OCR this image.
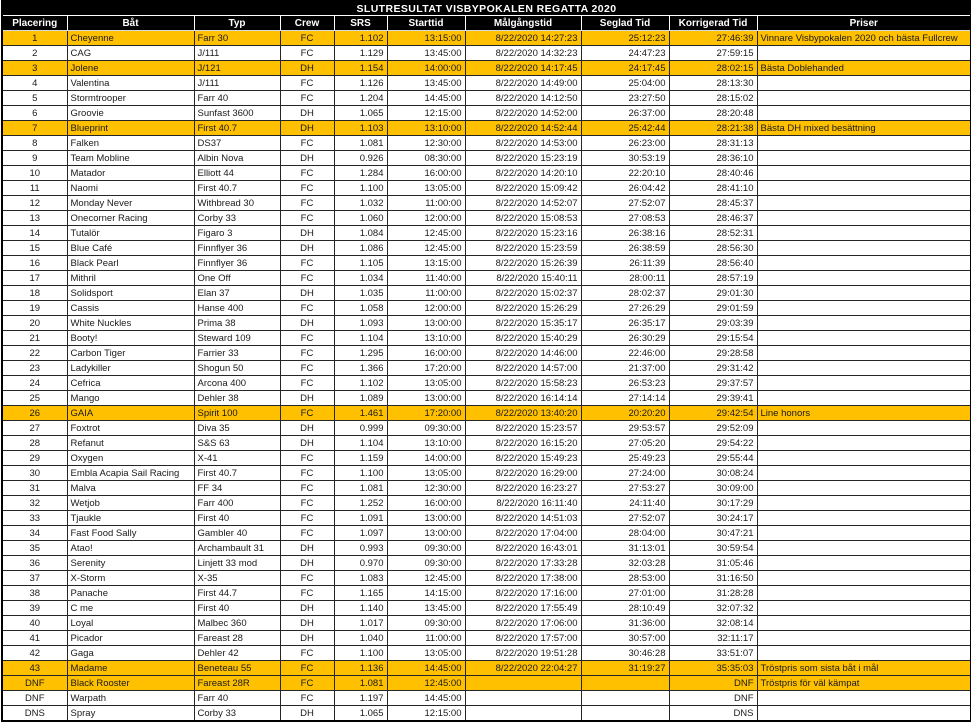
SLUTRESULTAT VISBYPOKALEN REGATTA 2020									
Placering	Båt	Typ	Crew	SRS	Starttid	Målgångstid	Seglad Tid	Korrigerad Tid	Priser
1	Cheyenne	Farr 30	FC	1.102	13:15:00	8/22/2020 14:27:23	25:12:23	27:46:39	Vinnare Visbypokalen 2020 och bästa Fullcrew
2	CAG	J/111	FC	1.129	13:45:00	8/22/2020 14:32:23	24:47:23	27:59:15	
3	Jolene	J/121	DH	1.154	14:00:00	8/22/2020 14:17:45	24:17:45	28:02:15	Bästa Doblehanded
4	Valentina	J/111	FC	1.126	13:45:00	8/22/2020 14:49:00	25:04:00	28:13:30	
5	Stormtrooper	Farr 40	FC	1.204	14:45:00	8/22/2020 14:12:50	23:27:50	28:15:02	
6	Groovie	Sunfast 3600	DH	1.065	12:15:00	8/22/2020 14:52:00	26:37:00	28:20:48	
7	Blueprint	First 40.7	DH	1.103	13:10:00	8/22/2020 14:52:44	25:42:44	28:21:38	Bästa DH mixed besättning
8	Falken	DS37	FC	1.081	12:30:00	8/22/2020 14:53:00	26:23:00	28:31:13	
9	Team Mobline	Albin Nova	DH	0.926	08:30:00	8/22/2020 15:23:19	30:53:19	28:36:10	
10	Matador	Elliott 44	FC	1.284	16:00:00	8/22/2020 14:20:10	22:20:10	28:40:46	
11	Naomi	First 40.7	FC	1.100	13:05:00	8/22/2020 15:09:42	26:04:42	28:41:10	
12	Monday Never	Withbread 30	FC	1.032	11:00:00	8/22/2020 14:52:07	27:52:07	28:45:37	
13	Onecorner Racing	Corby 33	FC	1.060	12:00:00	8/22/2020 15:08:53	27:08:53	28:46:37	
14	Tutalör	Figaro 3	DH	1.084	12:45:00	8/22/2020 15:23:16	26:38:16	28:52:31	
15	Blue Café	Finnflyer 36	DH	1.086	12:45:00	8/22/2020 15:23:59	26:38:59	28:56:30	
16	Black Pearl	Finnflyer 36	FC	1.105	13:15:00	8/22/2020 15:26:39	26:11:39	28:56:40	
17	Mithril	One Off	FC	1.034	11:40:00	8/22/2020 15:40:11	28:00:11	28:57:19	
18	Solidsport	Elan 37	DH	1.035	11:00:00	8/22/2020 15:02:37	28:02:37	29:01:30	
19	Cassis	Hanse 400	FC	1.058	12:00:00	8/22/2020 15:26:29	27:26:29	29:01:59	
20	White Nuckles	Prima 38	DH	1.093	13:00:00	8/22/2020 15:35:17	26:35:17	29:03:39	
21	Booty!	Steward 109	FC	1.104	13:10:00	8/22/2020 15:40:29	26:30:29	29:15:54	
22	Carbon Tiger	Farrier 33	FC	1.295	16:00:00	8/22/2020 14:46:00	22:46:00	29:28:58	
23	Ladykiller	Shogun 50	FC	1.366	17:20:00	8/22/2020 14:57:00	21:37:00	29:31:42	
24	Cefrica	Arcona 400	FC	1.102	13:05:00	8/22/2020 15:58:23	26:53:23	29:37:57	
25	Mango	Dehler 38	DH	1.089	13:00:00	8/22/2020 16:14:14	27:14:14	29:39:41	
26	GAIA	Spirit 100	FC	1.461	17:20:00	8/22/2020 13:40:20	20:20:20	29:42:54	Line honors
27	Foxtrot	Diva 35	DH	0.999	09:30:00	8/22/2020 15:23:57	29:53:57	29:52:09	
28	Refanut	S&S 63	DH	1.104	13:10:00	8/22/2020 16:15:20	27:05:20	29:54:22	
29	Oxygen	X-41	FC	1.159	14:00:00	8/22/2020 15:49:23	25:49:23	29:55:44	
30	Embla Acapia Sail Racing	First 40.7	FC	1.100	13:05:00	8/22/2020 16:29:00	27:24:00	30:08:24	
31	Malva	FF 34	FC	1.081	12:30:00	8/22/2020 16:23:27	27:53:27	30:09:00	
32	Wetjob	Farr 400	FC	1.252	16:00:00	8/22/2020 16:11:40	24:11:40	30:17:29	
33	Tjaukle	First 40	FC	1.091	13:00:00	8/22/2020 14:51:03	27:52:07	30:24:17	
34	Fast Food Sally	Gambler 40	FC	1.097	13:00:00	8/22/2020 17:04:00	28:04:00	30:47:21	
35	Atao!	Archambault 31	DH	0.993	09:30:00	8/22/2020 16:43:01	31:13:01	30:59:54	
36	Serenity	Linjett 33 mod	DH	0.970	09:30:00	8/22/2020 17:33:28	32:03:28	31:05:46	
37	X-Storm	X-35	FC	1.083	12:45:00	8/22/2020 17:38:00	28:53:00	31:16:50	
38	Panache	First 44.7	FC	1.165	14:15:00	8/22/2020 17:16:00	27:01:00	31:28:28	
39	C me	First 40	DH	1.140	13:45:00	8/22/2020 17:55:49	28:10:49	32:07:32	
40	Loyal	Malbec 360	DH	1.017	09:30:00	8/22/2020 17:06:00	31:36:00	32:08:14	
41	Picador	Fareast 28	DH	1.040	11:00:00	8/22/2020 17:57:00	30:57:00	32:11:17	
42	Gaga	Dehler 42	FC	1.100	13:05:00	8/22/2020 19:51:28	30:46:28	33:51:07	
43	Madame	Beneteau 55	FC	1.136	14:45:00	8/22/2020 22:04:27	31:19:27	35:35:03	Tröstpris som sista båt i mål
DNF	Black Rooster	Fareast 28R	FC	1.081	12:45:00			DNF	Tröstpris för väl kämpat
DNF	Warpath	Farr 40	FC	1.197	14:45:00			DNF	
DNS	Spray	Corby 33	DH	1.065	12:15:00			DNS	
